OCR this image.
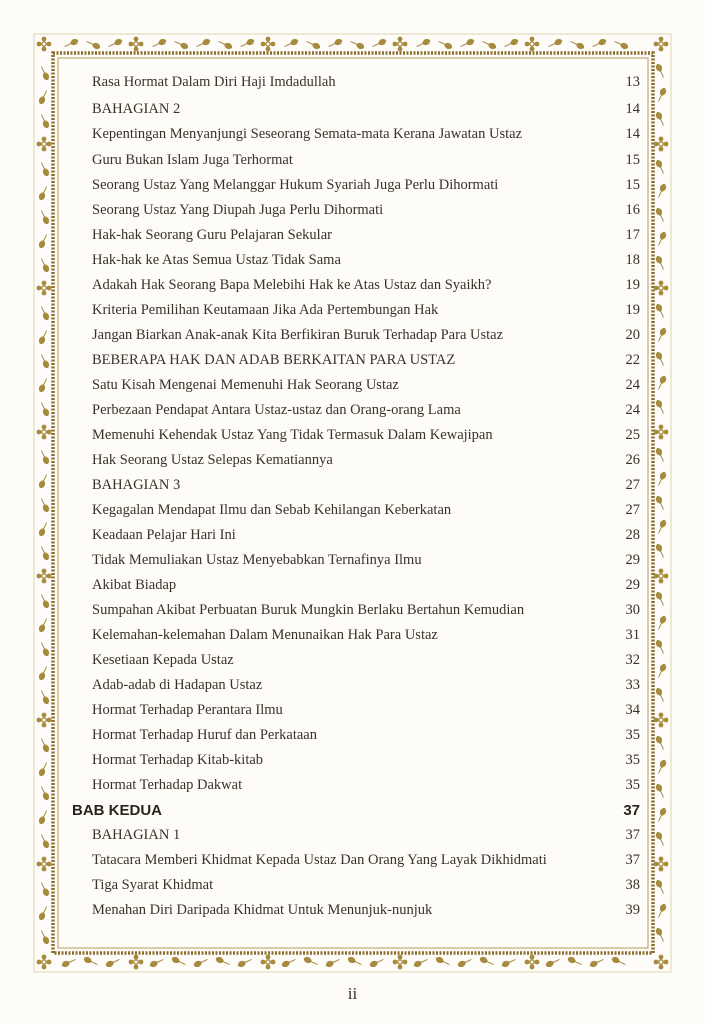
Rasa Hormat Dalam Diri Haji Imdadullah	13
BAHAGIAN 2	14
Kepentingan Menyanjungi Seseorang Semata-mata Kerana Jawatan Ustaz	14
Guru Bukan Islam Juga Terhormat	15
Seorang Ustaz Yang Melanggar Hukum Syariah Juga Perlu Dihormati	15
Seorang Ustaz Yang Diupah Juga Perlu Dihormati	16
Hak-hak Seorang Guru Pelajaran Sekular	17
Hak-hak ke Atas Semua Ustaz Tidak Sama	18
Adakah Hak Seorang Bapa Melebihi Hak ke Atas Ustaz dan Syaikh?	19
Kriteria Pemilihan Keutamaan Jika Ada Pertembungan Hak	19
Jangan Biarkan Anak-anak Kita Berfikiran Buruk Terhadap Para Ustaz	20
BEBERAPA HAK DAN ADAB BERKAITAN PARA USTAZ	22
Satu Kisah Mengenai Memenuhi Hak Seorang Ustaz	24
Perbezaan Pendapat Antara Ustaz-ustaz dan Orang-orang Lama	24
Memenuhi Kehendak Ustaz Yang Tidak Termasuk Dalam Kewajipan	25
Hak Seorang Ustaz Selepas Kematiannya	26
BAHAGIAN 3	27
Kegagalan Mendapat Ilmu dan Sebab Kehilangan Keberkatan	27
Keadaan Pelajar Hari Ini	28
Tidak Memuliakan Ustaz Menyebabkan Ternafinya Ilmu	29
Akibat Biadap	29
Sumpahan Akibat Perbuatan Buruk Mungkin Berlaku Bertahun Kemudian	30
Kelemahan-kelemahan Dalam Menunaikan Hak Para Ustaz	31
Kesetiaan Kepada Ustaz	32
Adab-adab di Hadapan Ustaz	33
Hormat Terhadap Perantara Ilmu	34
Hormat Terhadap Huruf dan Perkataan	35
Hormat Terhadap Kitab-kitab	35
Hormat Terhadap Dakwat	35
BAB KEDUA	37
BAHAGIAN 1	37
Tatacara Memberi Khidmat Kepada Ustaz Dan Orang Yang Layak Dikhidmati	37
Tiga Syarat Khidmat	38
Menahan Diri Daripada Khidmat Untuk Menunjuk-nunjuk	39
ii
